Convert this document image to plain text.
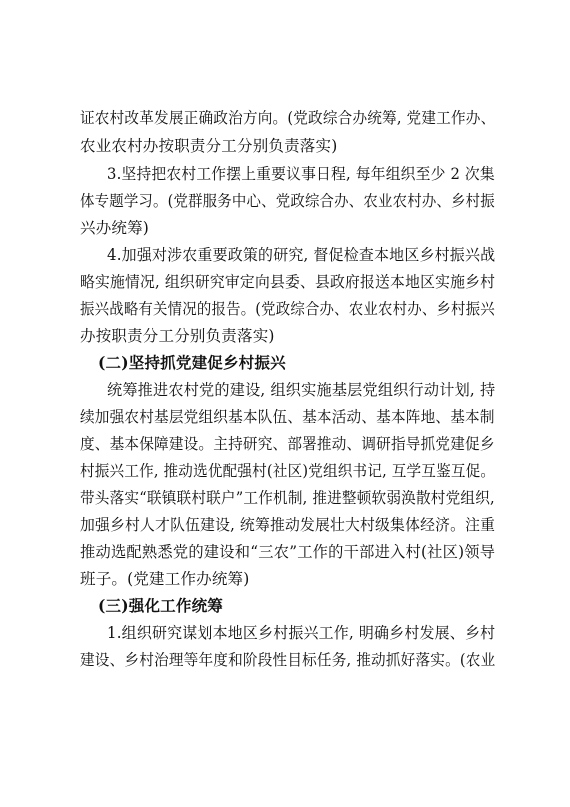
证农村改革发展正确政治方向。(党政综合办统筹, 党建工作办、
农业农村办按职责分工分别负责落实)
3.坚持把农村工作摆上重要议事日程, 每年组织至少 2 次集
体专题学习。(党群服务中心、党政综合办、农业农村办、乡村振
兴办统筹)
4.加强对涉农重要政策的研究, 督促检查本地区乡村振兴战
略实施情况, 组织研究审定向县委、县政府报送本地区实施乡村
振兴战略有关情况的报告。(党政综合办、农业农村办、乡村振兴
办按职责分工分别负责落实)
(二)坚持抓党建促乡村振兴
统筹推进农村党的建设, 组织实施基层党组织行动计划, 持
续加强农村基层党组织基本队伍、基本活动、基本阵地、基本制
度、基本保障建设。主持研究、部署推动、调研指导抓党建促乡
村振兴工作, 推动选优配强村(社区)党组织书记, 互学互鉴互促。
带头落实“联镇联村联户”工作机制, 推进整顿软弱涣散村党组织,
加强乡村人才队伍建设, 统筹推动发展壮大村级集体经济。注重
推动选配熟悉党的建设和“三农”工作的干部进入村(社区)领导
班子。(党建工作办统筹)
(三)强化工作统筹
1.组织研究谋划本地区乡村振兴工作, 明确乡村发展、乡村
建设、乡村治理等年度和阶段性目标任务, 推动抓好落实。(农业
